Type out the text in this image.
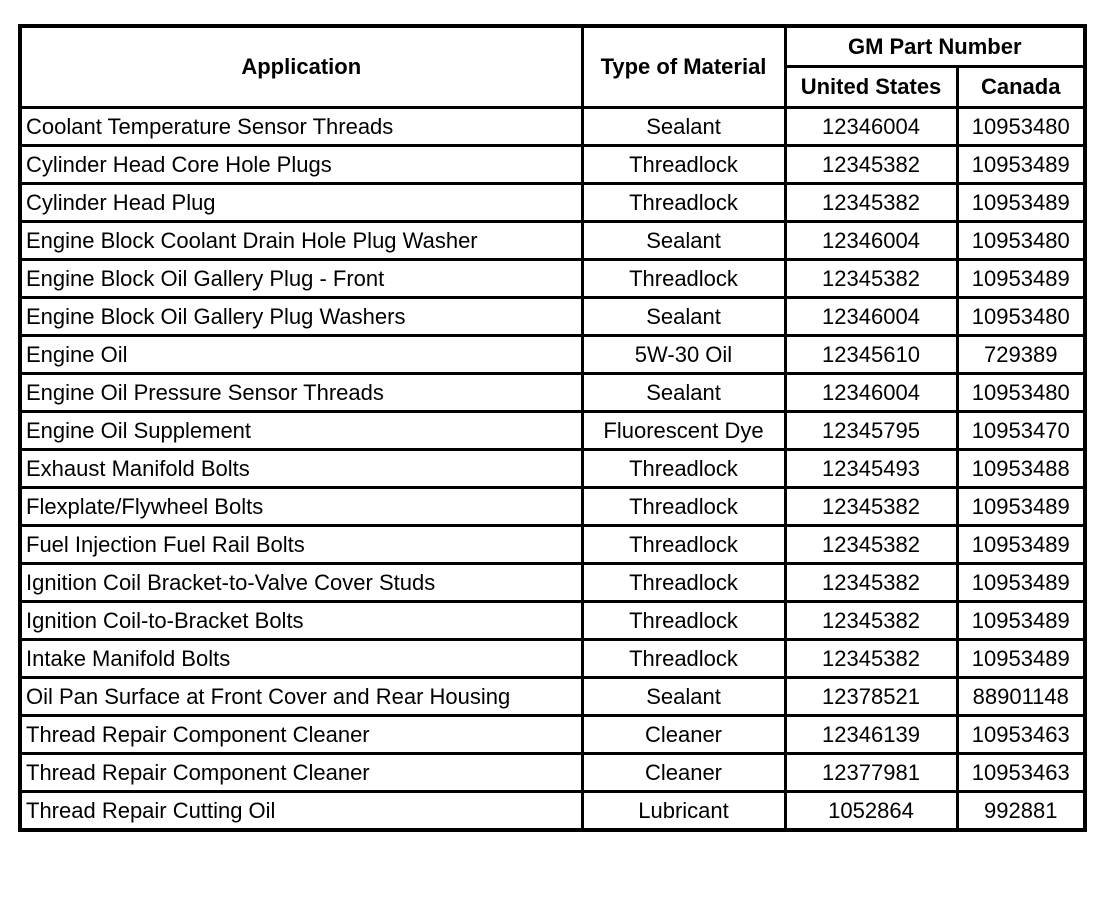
Application	Type of Material	GM Part Number	
		United States	Canada
Coolant Temperature Sensor Threads	Sealant	12346004	10953480
Cylinder Head Core Hole Plugs	Threadlock	12345382	10953489
Cylinder Head Plug	Threadlock	12345382	10953489
Engine Block Coolant Drain Hole Plug Washer	Sealant	12346004	10953480
Engine Block Oil Gallery Plug - Front	Threadlock	12345382	10953489
Engine Block Oil Gallery Plug Washers	Sealant	12346004	10953480
Engine Oil	5W-30 Oil	12345610	729389
Engine Oil Pressure Sensor Threads	Sealant	12346004	10953480
Engine Oil Supplement	Fluorescent Dye	12345795	10953470
Exhaust Manifold Bolts	Threadlock	12345493	10953488
Flexplate/Flywheel Bolts	Threadlock	12345382	10953489
Fuel Injection Fuel Rail Bolts	Threadlock	12345382	10953489
Ignition Coil Bracket-to-Valve Cover Studs	Threadlock	12345382	10953489
Ignition Coil-to-Bracket Bolts	Threadlock	12345382	10953489
Intake Manifold Bolts	Threadlock	12345382	10953489
Oil Pan Surface at Front Cover and Rear Housing	Sealant	12378521	88901148
Thread Repair Component Cleaner	Cleaner	12346139	10953463
Thread Repair Component Cleaner	Cleaner	12377981	10953463
Thread Repair Cutting Oil	Lubricant	1052864	992881
